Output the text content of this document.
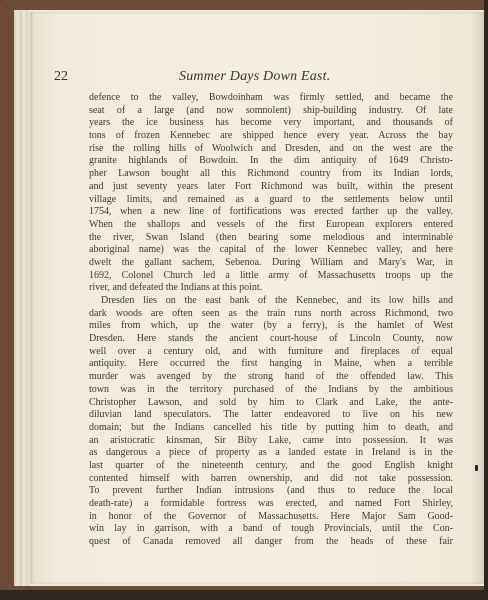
22	Summer Days Down East.
defence to the valley, Bowdoinham was firmly settled, and became the
seat of a large (and now somnolent) ship-building industry. Of late
years the ice business has become very important, and thousands of
tons of frozen Kennebec are shipped hence every year. Across the bay
rise the rolling hills of Woolwich and Dresden, and on the west are the
granite highlands of Bowdoin. In the dim antiquity of 1649 Christo-
pher Lawson bought all this Richmond country from its Indian lords,
and just seventy years later Fort Richmond was built, within the present
village limits, and remained as a guard to the settlements below until
1754, when a new line of fortifications was erected farther up the valley.
When the shallops and vessels of the first European explorers entered
the river, Swan Island (then bearing some melodious and interminable
aboriginal name) was the capital of the lower Kennebec valley, and here
dwelt the gallant sachem, Sebenoa. During William and Mary's War, in
1692, Colonel Church led a little army of Massachusetts troops up the
river, and defeated the Indians at this point.
Dresden lies on the east bank of the Kennebec, and its low hills and
dark woods are often seen as the train runs north across Richmond, two
miles from which, up the water (by a ferry), is the hamlet of West
Dresden. Here stands the ancient court-house of Lincoln County, now
well over a century old, and with furniture and fireplaces of equal
antiquity. Here occurred the first hanging in Maine, when a terrible
murder was avenged by the strong hand of the offended law. This
town was in the territory purchased of the Indians by the ambitious
Christopher Lawson, and sold by him to Clark and Lake, the ante-
diluvian land speculators. The latter endeavored to live on his new
domain; but the Indians cancelled his title by putting him to death, and
an aristocratic kinsman, Sir Biby Lake, came into possession. It was
as dangerous a piece of property as a landed estate in Ireland is in the
last quarter of the nineteenth century, and the good English knight
contented himself with barren ownership, and did not take possession.
To prevent further Indian intrusions (and thus to reduce the local
death-rate) a formidable fortress was erected, and named Fort Shirley,
in honor of the Governor of Massachusetts. Here Major Sam Good-
win lay in garrison, with a band of tough Provincials, until the Con-
quest of Canada removed all danger from the heads of these fair
